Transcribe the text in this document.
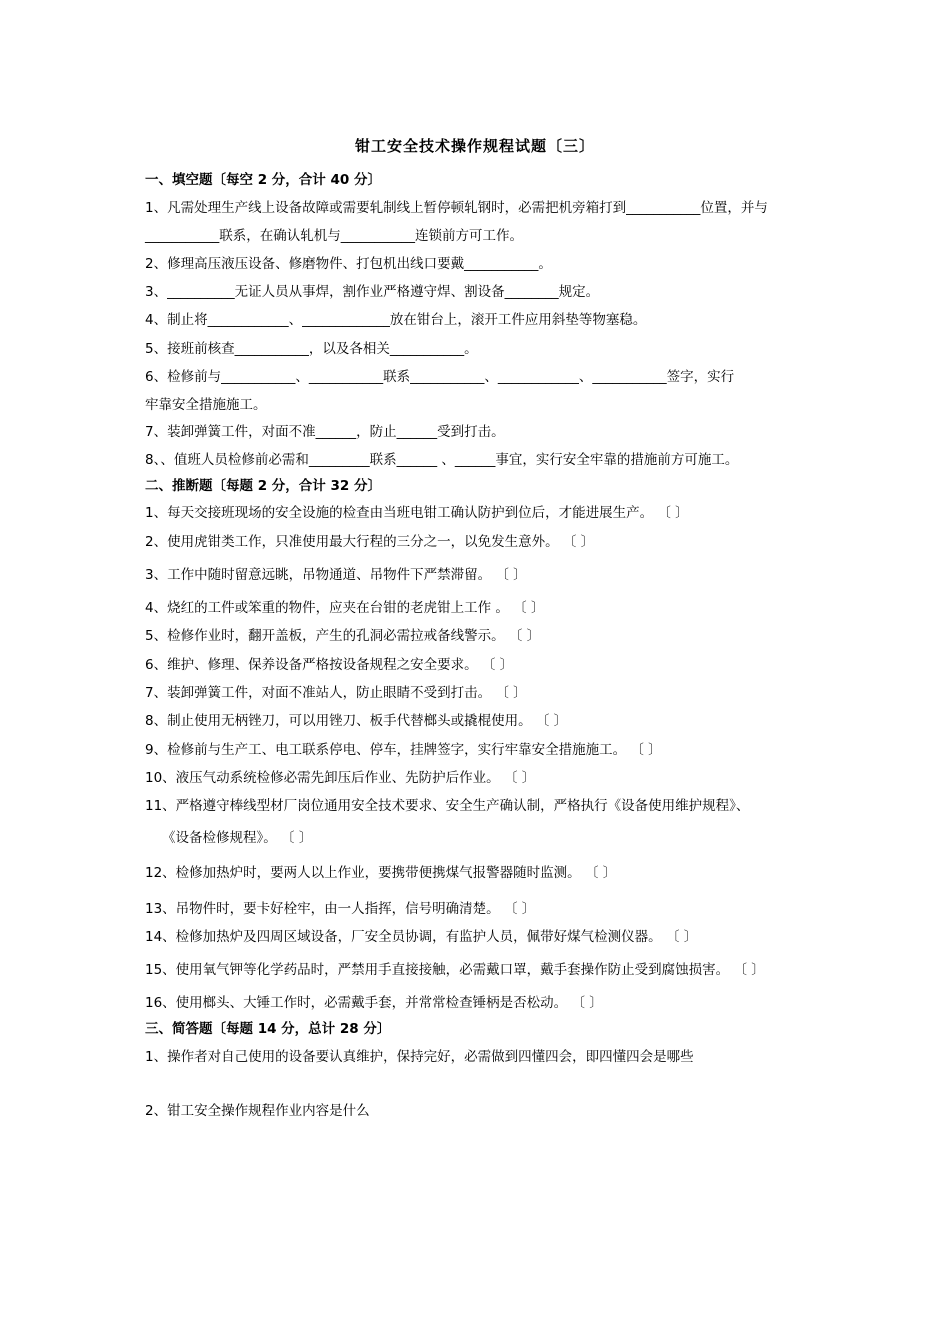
钳工安全技术操作规程试题〔三〕
一、填空题〔每空 2 分，合计 40 分〕
1、凡需处理生产线上设备故障或需要轧制线上暂停顿轧钢时，必需把机旁箱打到___________位置，并与
___________联系，在确认轧机与___________连锁前方可工作。
2、修理高压液压设备、修磨物件、打包机出线口要戴___________。
3、__________无证人员从事焊，割作业严格遵守焊、割设备________规定。
4、制止将____________、_____________放在钳台上，滚开工件应用斜垫等物塞稳。
5、接班前核查___________，以及各相关___________。
6、检修前与___________、___________联系___________、____________、___________签字，实行
牢靠安全措施施工。
7、装卸弹簧工件，对面不准______，防止______受到打击。
8、、值班人员检修前必需和_________联系______ 、______事宜，实行安全牢靠的措施前方可施工。
二、推断题〔每题 2 分，合计 32 分〕
1、每天交接班现场的安全设施的检查由当班电钳工确认防护到位后，才能进展生产。 〔 〕
2、使用虎钳类工作，只准使用最大行程的三分之一，以免发生意外。 〔 〕
3、工作中随时留意远眺，吊物通道、吊物件下严禁滞留。 〔 〕
4、烧红的工件或笨重的物件，应夹在台钳的老虎钳上工作 。 〔 〕
5、检修作业时，翻开盖板，产生的孔洞必需拉戒备线警示。 〔 〕
6、维护、修理、保养设备严格按设备规程之安全要求。 〔 〕
7、装卸弹簧工件，对面不准站人，防止眼睛不受到打击。 〔 〕
8、制止使用无柄锉刀，可以用锉刀、板手代替榔头或撬棍使用。 〔 〕
9、检修前与生产工、电工联系停电、停车，挂牌签字，实行牢靠安全措施施工。 〔 〕
10、液压气动系统检修必需先卸压后作业、先防护后作业。 〔 〕
11、严格遵守棒线型材厂岗位通用安全技术要求、安全生产确认制，严格执行《设备使用维护规程》、
《设备检修规程》。 〔 〕
12、检修加热炉时，要两人以上作业，要携带便携煤气报警器随时监测。 〔 〕
13、吊物件时，要卡好栓牢，由一人指挥，信号明确清楚。 〔 〕
14、检修加热炉及四周区域设备，厂安全员协调，有监护人员，佩带好煤气检测仪器。 〔 〕
15、使用氧气钾等化学药品时，严禁用手直接接触，必需戴口罩，戴手套操作防止受到腐蚀损害。 〔 〕
16、使用榔头、大锤工作时，必需戴手套，并常常检查锤柄是否松动。 〔 〕
三、简答题〔每题 14 分，总计 28 分〕
1、操作者对自己使用的设备要认真维护，保持完好，必需做到四懂四会，即四懂四会是哪些
2、钳工安全操作规程作业内容是什么
